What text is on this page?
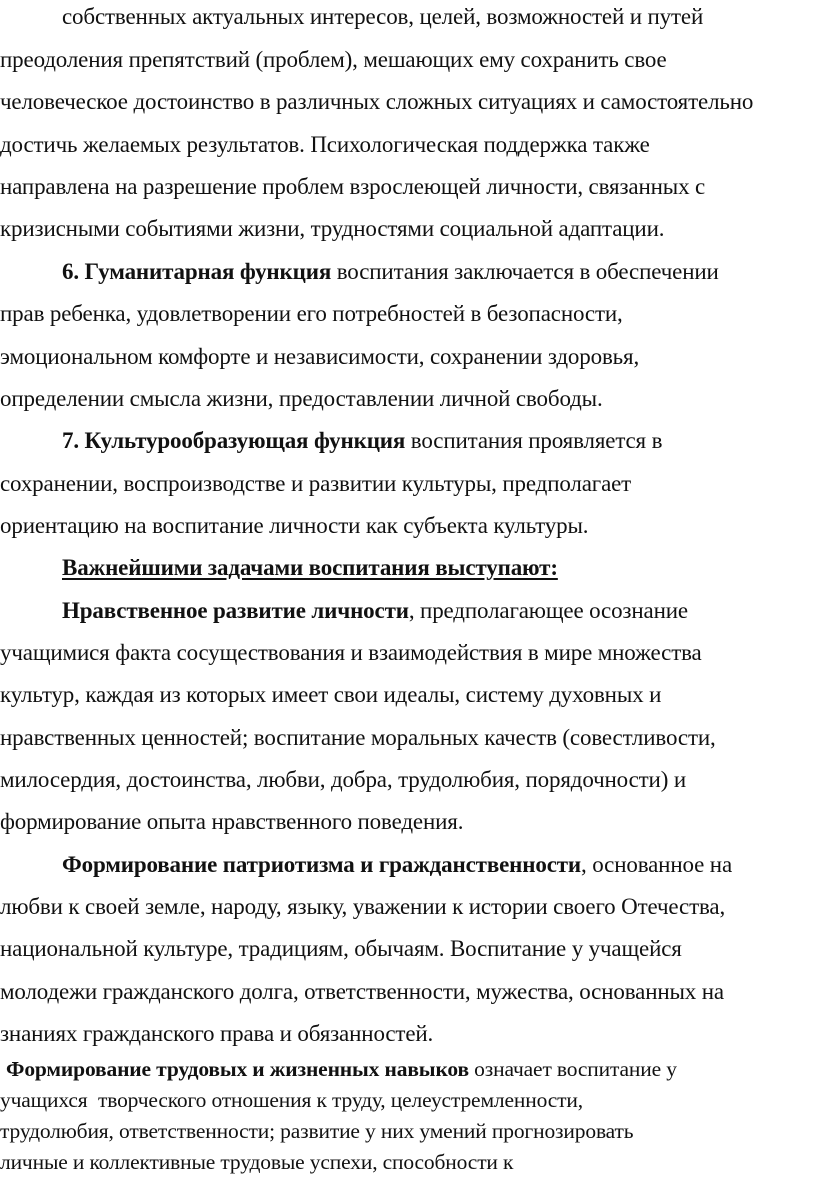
собственных актуальных интересов, целей, возможностей и путей
преодоления препятствий (проблем), мешающих ему сохранить свое
человеческое достоинство в различных сложных ситуациях и самостоятельно
достичь желаемых результатов. Психологическая поддержка также
направлена на разрешение проблем взрослеющей личности, связанных с
кризисными событиями жизни, трудностями социальной адаптации.
6. Гуманитарная функция воспитания заключается в обеспечении
прав ребенка, удовлетворении его потребностей в безопасности,
эмоциональном комфорте и независимости, сохранении здоровья,
определении смысла жизни, предоставлении личной свободы.
7. Культурообразующая функция воспитания проявляется в
сохранении, воспроизводстве и развитии культуры, предполагает
ориентацию на воспитание личности как субъекта культуры.
Важнейшими задачами воспитания выступают:
Нравственное развитие личности, предполагающее осознание
учащимися факта сосуществования и взаимодействия в мире множества
культур, каждая из которых имеет свои идеалы, систему духовных и
нравственных ценностей; воспитание моральных качеств (совестливости,
милосердия, достоинства, любви, добра, трудолюбия, порядочности) и
формирование опыта нравственного поведения.
Формирование патриотизма и гражданственности, основанное на
любви к своей земле, народу, языку, уважении к истории своего Отечества,
национальной культуре, традициям, обычаям. Воспитание у учащейся
молодежи гражданского долга, ответственности, мужества, основанных на
знаниях гражданского права и обязанностей.
Формирование трудовых и жизненных навыков означает воспитание у
учащихся  творческого отношения к труду, целеустремленности,
трудолюбия, ответственности; развитие у них умений прогнозировать
личные и коллективные трудовые успехи, способности к
